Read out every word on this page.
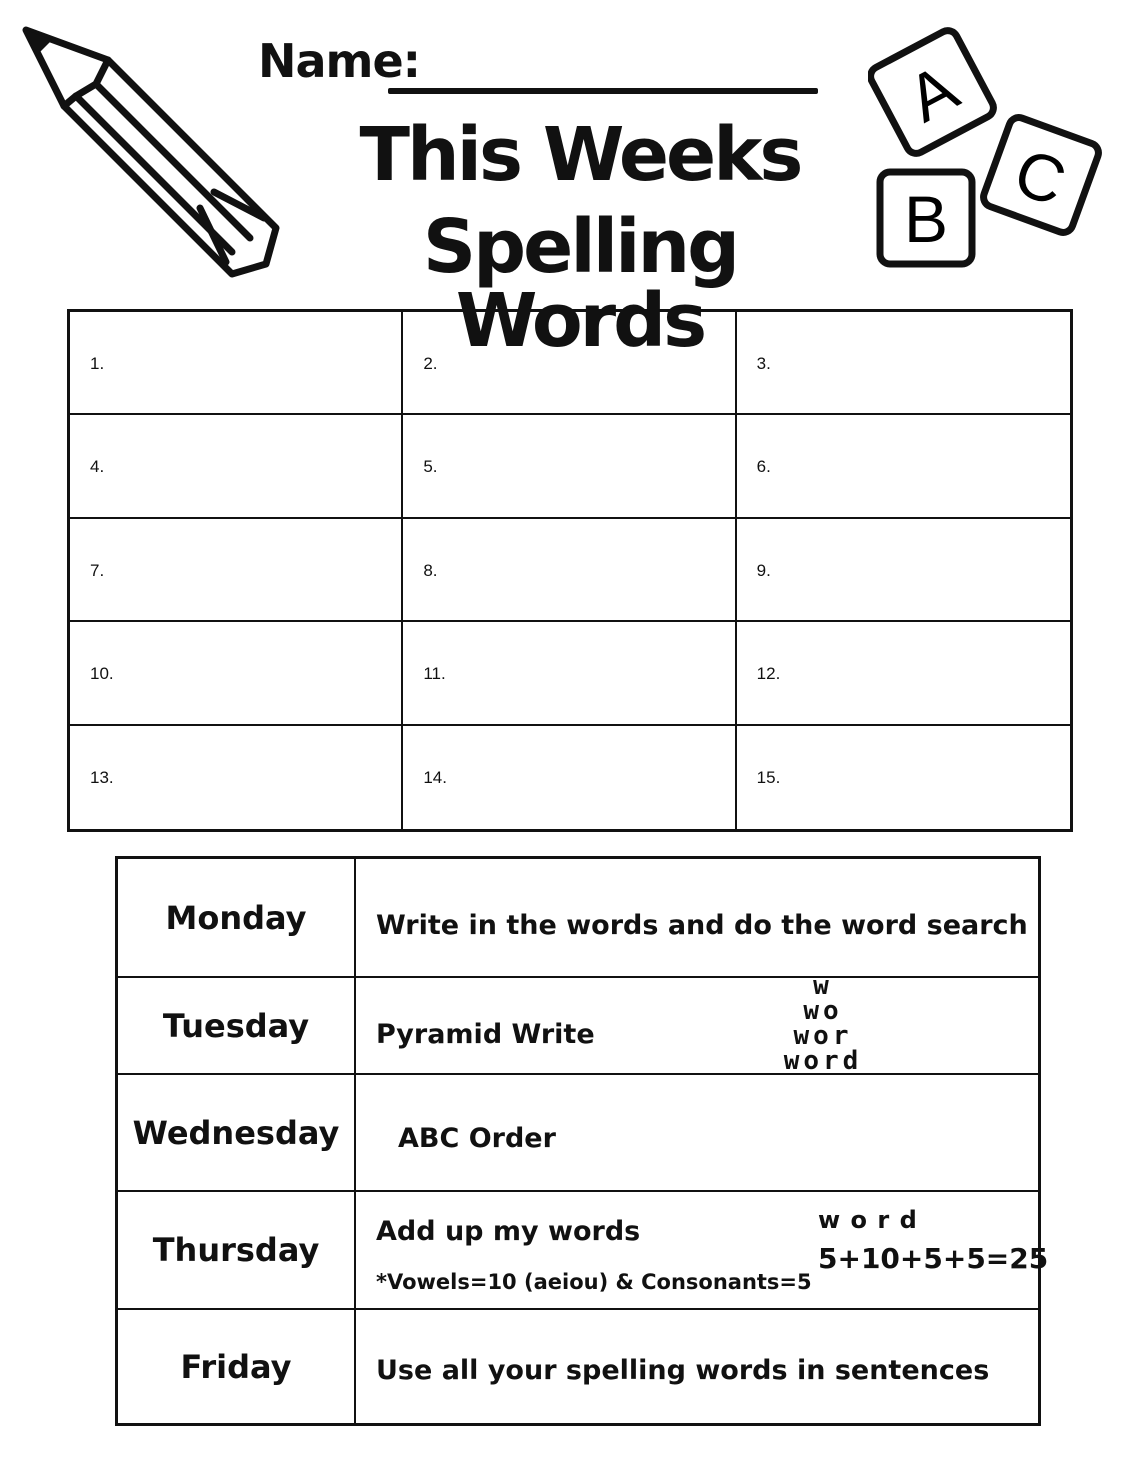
Name:
This Weeks
Spelling Words
A
C
B
1.	2.	3.
4.	5.	6.
7.	8.	9.
10.	11.	12.
13.	14.	15.
Monday	Write in the words and do the word search
Tuesday	Pyramid Write
w
wo
wor
word
Wednesday	ABC Order
Thursday	Add up my words
*Vowels=10 (aeiou) & Consonants=5
w o r d
5+10+5+5=25
Friday	Use all your spelling words in sentences
